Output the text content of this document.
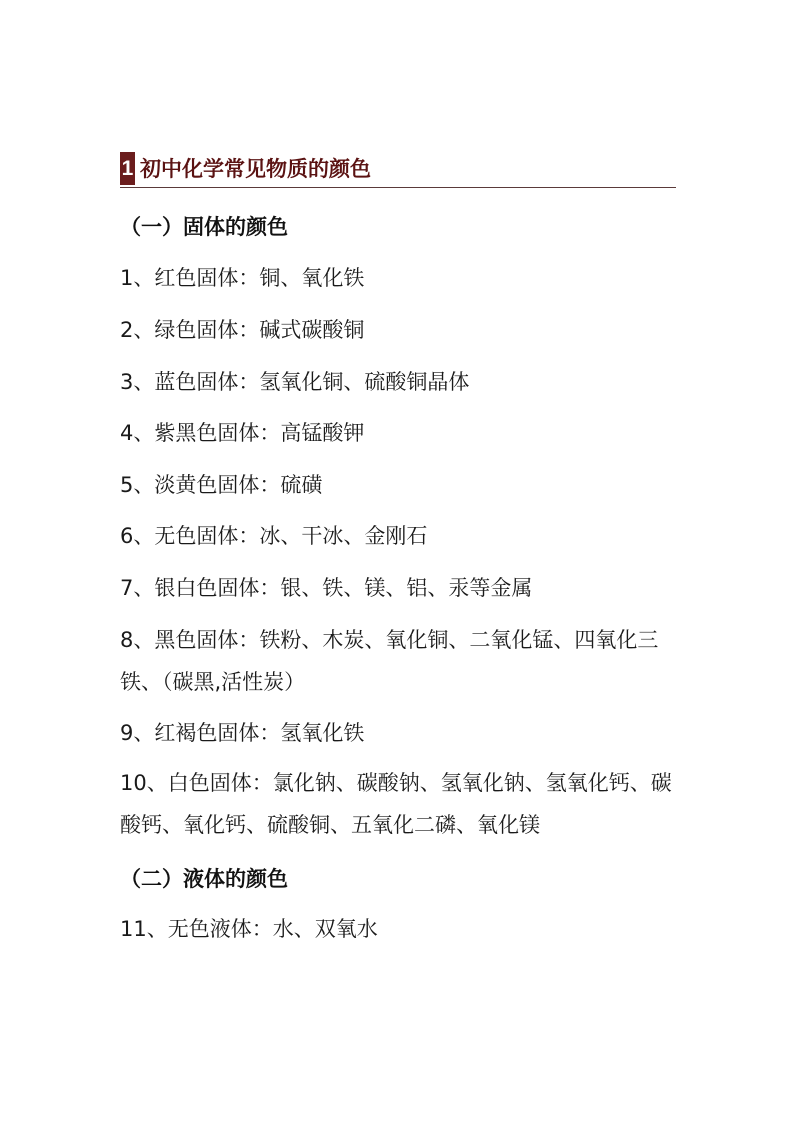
1 初中化学常见物质的颜色
（一）固体的颜色
1、红色固体：铜、氧化铁
2、绿色固体：碱式碳酸铜
3、蓝色固体：氢氧化铜、硫酸铜晶体
4、紫黑色固体：高锰酸钾
5、淡黄色固体：硫磺
6、无色固体：冰、干冰、金刚石
7、银白色固体：银、铁、镁、铝、汞等金属
8、黑色固体：铁粉、木炭、氧化铜、二氧化锰、四氧化三铁、（碳黑,活性炭）
9、红褐色固体：氢氧化铁
10、白色固体：氯化钠、碳酸钠、氢氧化钠、氢氧化钙、碳酸钙、氧化钙、硫酸铜、五氧化二磷、氧化镁
（二）液体的颜色
11、无色液体：水、双氧水
